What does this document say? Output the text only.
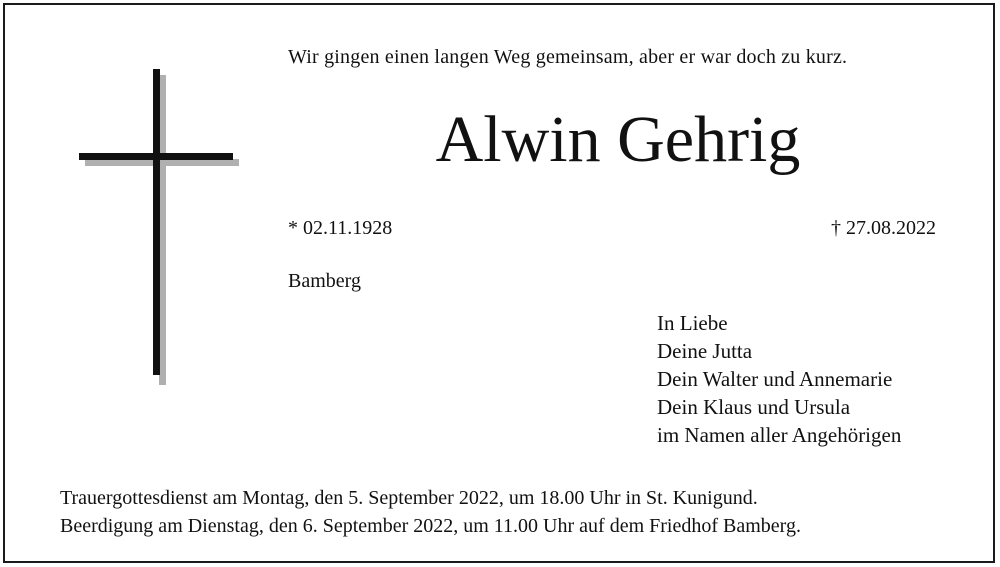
Wir gingen einen langen Weg gemeinsam, aber er war doch zu kurz.
Alwin Gehrig
* 02.11.1928	† 27.08.2022
Bamberg
In Liebe
Deine Jutta
Dein Walter und Annemarie
Dein Klaus und Ursula
im Namen aller Angehörigen
Trauergottesdienst am Montag, den 5. September 2022, um 18.00 Uhr in St. Kunigund.
Beerdigung am Dienstag, den 6. September 2022, um 11.00 Uhr auf dem Friedhof Bamberg.
